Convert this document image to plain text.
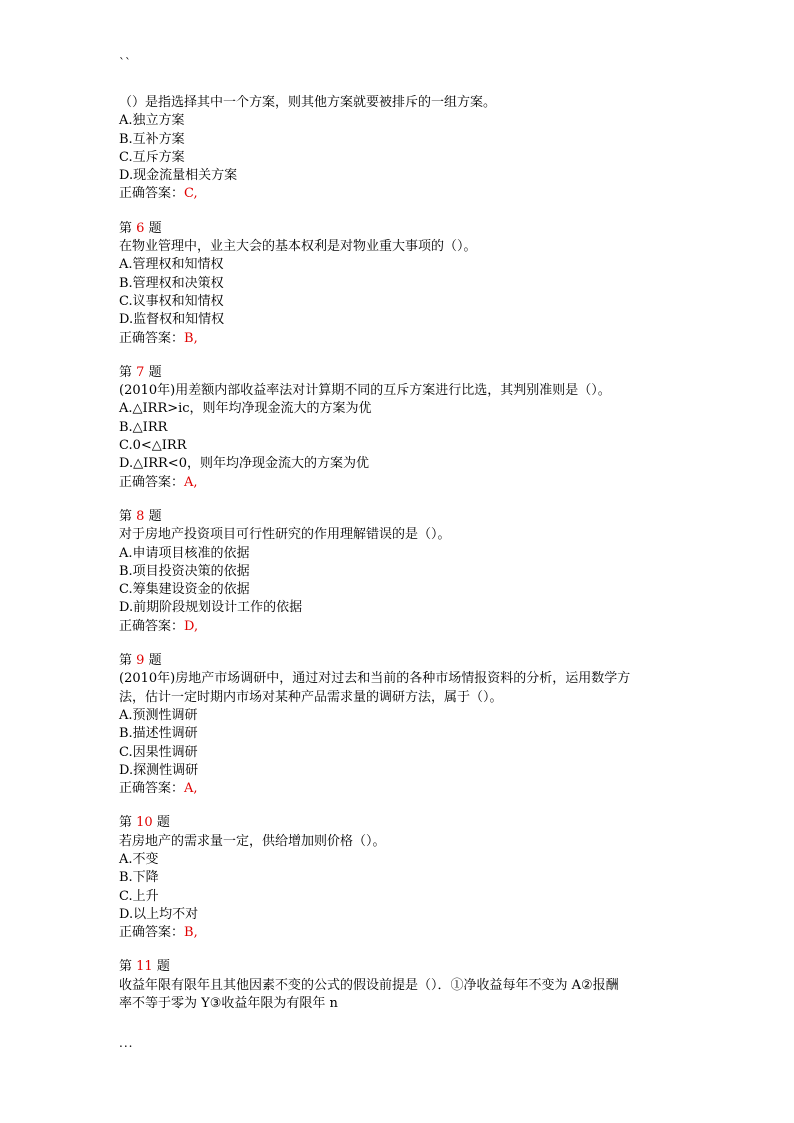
``
（）是指选择其中一个方案，则其他方案就要被排斥的一组方案。
A.独立方案
B.互补方案
C.互斥方案
D.现金流量相关方案
正确答案：C,
第 6 题
在物业管理中，业主大会的基本权利是对物业重大事项的（）。
A.管理权和知情权
B.管理权和决策权
C.议事权和知情权
D.监督权和知情权
正确答案：B,
第 7 题
(2010年)用差额内部收益率法对计算期不同的互斥方案进行比选，其判别准则是（）。
A.△IRR>ic，则年均净现金流大的方案为优
B.△IRR
C.0<△IRR
D.△IRR<0，则年均净现金流大的方案为优
正确答案：A,
第 8 题
对于房地产投资项目可行性研究的作用理解错误的是（）。
A.申请项目核准的依据
B.项目投资决策的依据
C.筹集建设资金的依据
D.前期阶段规划设计工作的依据
正确答案：D,
第 9 题
(2010年)房地产市场调研中，通过对过去和当前的各种市场情报资料的分析，运用数学方
法，估计一定时期内市场对某种产品需求量的调研方法，属于（）。
A.预测性调研
B.描述性调研
C.因果性调研
D.探测性调研
正确答案：A,
第 10 题
若房地产的需求量一定，供给增加则价格（）。
A.不变
B.下降
C.上升
D.以上均不对
正确答案：B,
第 11 题
收益年限有限年且其他因素不变的公式的假设前提是（）．①净收益每年不变为 A②报酬
率不等于零为 Y③收益年限为有限年 n
...
